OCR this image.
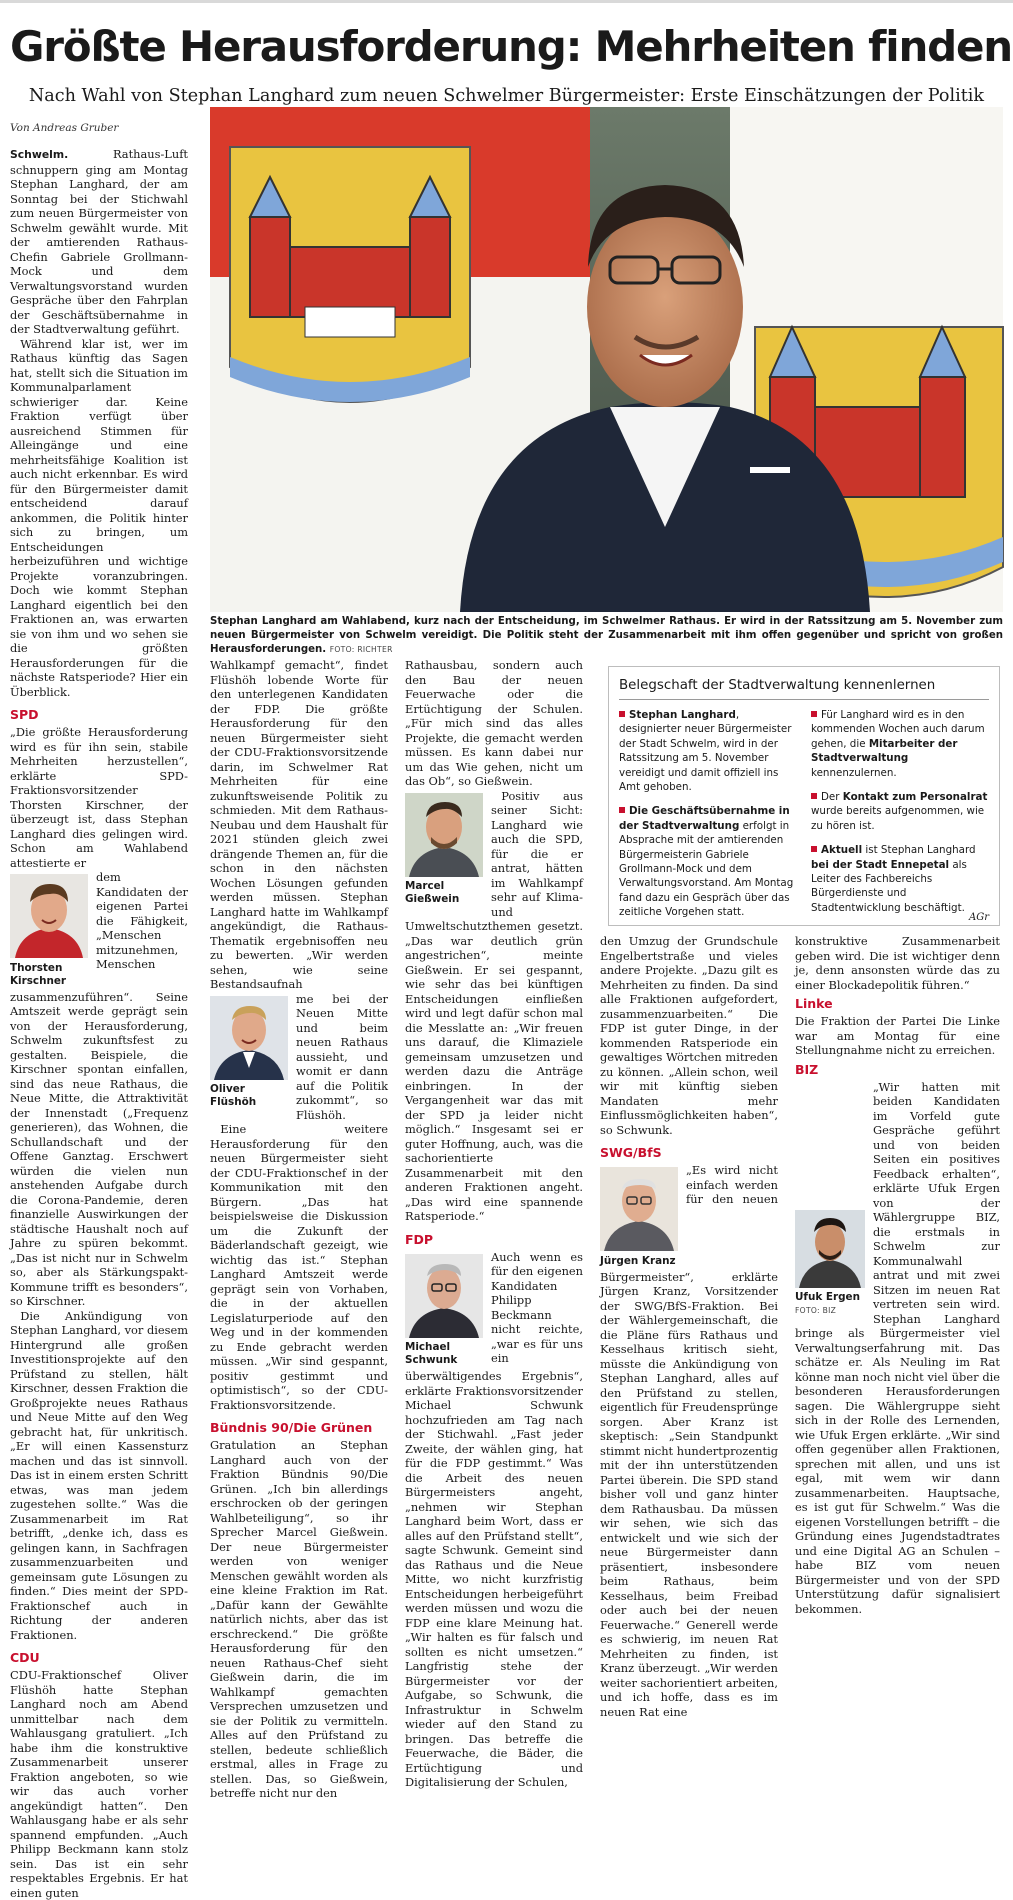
Größte Herausforderung: Mehrheiten finden
Nach Wahl von Stephan Langhard zum neuen Schwelmer Bürgermeister: Erste Einschätzungen der Politik
Von Andreas Gruber
Stephan Langhard am Wahlabend, kurz nach der Entscheidung, im Schwelmer Rathaus. Er wird in der Ratssitzung am 5. November zum neuen Bürgermeister von Schwelm vereidigt. Die Politik steht der Zusammenarbeit mit ihm offen gegenüber und spricht von großen Herausforderungen. FOTO: RICHTER

Schwelm.	Rathaus-Luft schnuppern ging am Montag Stephan Langhard, der am Sonntag bei der Stichwahl zum neuen Bürgermeister von Schwelm gewählt wurde. Mit der amtierenden Rathaus-Chefin Gabriele Grollmann-Mock und dem Verwaltungsvorstand wurden Gespräche über den Fahrplan der Geschäftsübernahme in der Stadtverwaltung geführt.

Während klar ist, wer im Rathaus künftig das Sagen hat, stellt sich die Situation im Kommunalparlament schwieriger dar. Keine Fraktion verfügt über ausreichend Stimmen für Alleingänge und eine mehrheitsfähige Koalition ist auch nicht erkennbar. Es wird für den Bürgermeister damit entscheidend darauf ankommen, die Politik hinter sich zu bringen, um Entscheidungen herbeizuführen und wichtige Projekte voranzubringen. Doch wie kommt Stephan Langhard eigentlich bei den Fraktionen an, was erwarten sie von ihm und wo sehen sie die größten Herausforderungen für die nächste Ratsperiode? Hier ein Überblick.

SPD

„Die größte Herausforderung wird es für ihn sein, stabile Mehrheiten herzustellen“, erklärte SPD-Fraktionsvorsitzender Thorsten Kirschner, der überzeugt ist, dass Stephan Langhard dies gelingen wird. Schon am Wahlabend attestierte er

Thorsten Kirschner

dem Kandidaten der eigenen Partei die Fähigkeit, „Menschen mitzunehmen, Menschen zusammenzuführen“. Seine Amtszeit werde geprägt sein von der Herausforderung, Schwelm zukunftsfest zu gestalten. Beispiele, die Kirschner spontan einfallen, sind das neue Rathaus, die Neue Mitte, die Attraktivität der Innenstadt („Frequenz generieren), das Wohnen, die Schullandschaft und der Offene Ganztag. Erschwert würden die vielen nun anstehenden Aufgabe durch die Corona-Pandemie, deren finanzielle Auswirkungen der städtische Haushalt noch auf Jahre zu spüren bekommt. „Das ist nicht nur in Schwelm so, aber als Stärkungspakt-Kommune trifft es besonders“, so Kirschner.

Die Ankündigung von Stephan Langhard, vor diesem Hintergrund alle großen Investitionsprojekte auf den Prüfstand zu stellen, hält Kirschner, dessen Fraktion die Großprojekte neues Rathaus und Neue Mitte auf den Weg gebracht hat, für unkritisch. „Er will einen Kassensturz machen und das ist sinnvoll. Das ist in einem ersten Schritt etwas, was man jedem zugestehen sollte.“ Was die Zusammenarbeit im Rat betrifft, „denke ich, dass es gelingen kann, in Sachfragen zusammenzuarbeiten und gemeinsam gute Lösungen zu finden.“ Dies meint der SPD-Fraktionschef auch in Richtung der anderen Fraktionen.

CDU

CDU-Fraktionschef Oliver Flüshöh hatte Stephan Langhard noch am Abend unmittelbar nach dem Wahlausgang gratuliert. „Ich habe ihm die konstruktive Zusammenarbeit unserer Fraktion angeboten, so wie wir das auch vorher angekündigt hatten“. Den Wahlausgang habe er als sehr spannend empfunden. „Auch Philipp Beckmann kann stolz sein. Das ist ein sehr respektables Ergebnis. Er hat einen guten

Wahlkampf gemacht“, findet Flüshöh lobende Worte für den unterlegenen Kandidaten der FDP. Die größte Herausforderung für den neuen Bürgermeister sieht der CDU-Fraktionsvorsitzende darin, im Schwelmer Rat Mehrheiten für eine zukunftsweisende Politik zu schmieden. Mit dem Rathaus-Neubau und dem Haushalt für 2021 stünden gleich zwei drängende Themen an, für die schon in den nächsten Wochen Lösungen gefunden werden müssen. Stephan Langhard hatte im Wahlkampf angekündigt, die Rathaus-Thematik ergebnisoffen neu zu bewerten. „Wir werden sehen, wie seine Bestandsaufnah

Oliver Flüshöh

me bei der Neuen Mitte und beim neuen Rathaus aussieht, und womit er dann auf die Politik zukommt“, so Flüshöh.

Eine weitere Herausforderung für den neuen Bürgermeister sieht der CDU-Fraktionschef in der Kommunikation mit den Bürgern. „Das hat beispielsweise die Diskussion um die Zukunft der Bäderlandschaft gezeigt, wie wichtig das ist.“ Stephan Langhard Amtszeit werde geprägt sein von Vorhaben, die in der aktuellen Legislaturperiode auf den Weg und in der kommenden zu Ende gebracht werden müssen. „Wir sind gespannt, positiv gestimmt und optimistisch“, so der CDU-Fraktionsvorsitzende.

Bündnis 90/Die Grünen

Gratulation an Stephan Langhard auch von der Fraktion Bündnis 90/Die Grünen. „Ich bin allerdings erschrocken ob der geringen Wahlbeteiligung“, so ihr Sprecher Marcel Gießwein. Der neue Bürgermeister werden von weniger Menschen gewählt worden als eine kleine Fraktion im Rat. „Dafür kann der Gewählte natürlich nichts, aber das ist erschreckend.“ Die größte Herausforderung für den neuen Rathaus-Chef sieht Gießwein darin, die im Wahlkampf gemachten Versprechen umzusetzen und sie der Politik zu vermitteln. Alles auf den Prüfstand zu stellen, bedeute schließlich erstmal, alles in Frage zu stellen. Das, so Gießwein, betreffe nicht nur den

Rathausbau, sondern auch den Bau der neuen Feuerwache oder die Ertüchtigung der Schulen. „Für mich sind das alles Projekte, die gemacht werden müssen. Es kann dabei nur um das Wie gehen, nicht um das Ob“, so Gießwein.

Marcel Gießwein

Positiv aus seiner Sicht: Langhard wie auch die SPD, für die er antrat, hätten im Wahlkampf sehr auf Klima- und Umweltschutzthemen gesetzt. „Das war deutlich grün angestrichen“, meinte Gießwein. Er sei gespannt, wie sehr das bei künftigen Entscheidungen einfließen wird und legt dafür schon mal die Messlatte an: „Wir freuen uns darauf, die Klimaziele gemeinsam umzusetzen und werden dazu die Anträge einbringen. In der Vergangenheit war das mit der SPD ja leider nicht möglich.“ Insgesamt sei er guter Hoffnung, auch, was die sachorientierte Zusammenarbeit mit den anderen Fraktionen angeht. „Das wird eine spannende Ratsperiode.“

FDP

Michael Schwunk
Auch wenn es für den eigenen Kandidaten Philipp Beckmann nicht reichte, „war es für uns ein überwältigendes Ergebnis“, erklärte Fraktionsvorsitzender Michael Schwunk hochzufrieden am Tag nach der Stichwahl. „Fast jeder Zweite, der wählen ging, hat für die FDP gestimmt.“ Was die Arbeit des neuen Bürgermeisters angeht, „nehmen wir Stephan Langhard beim Wort, dass er alles auf den Prüfstand stellt“, sagte Schwunk. Gemeint sind das Rathaus und die Neue Mitte, wo nicht kurzfristig Entscheidungen herbeigeführt werden müssen und wozu die FDP eine klare Meinung hat. „Wir halten es für falsch und sollten es nicht umsetzen.“ Langfristig stehe der Bürgermeister vor der Aufgabe, so Schwunk, die Infrastruktur in Schwelm wieder auf den Stand zu bringen. Das betreffe die Feuerwache, die Bäder, die Ertüchtigung und Digitalisierung der Schulen,

Belegschaft der Stadtverwaltung kennenlernen

Stephan Langhard, designierter neuer Bürgermeister der Stadt Schwelm, wird in der Ratssitzung am 5. November vereidigt und damit offiziell ins Amt gehoben.

Die Geschäftsübernahme in der Stadtverwaltung erfolgt in Absprache mit der amtierenden Bürgermeisterin Gabriele Grollmann-Mock und dem Verwaltungsvorstand. Am Montag fand dazu ein Gespräch über das zeitliche Vorgehen statt.

Für Langhard wird es in den kommenden Wochen auch darum gehen, die Mitarbeiter der Stadtverwaltung kennenzulernen.

Der Kontakt zum Personalrat wurde bereits aufgenommen, wie zu hören ist.

Aktuell ist Stephan Langhard bei der Stadt Ennepetal als Leiter des Fachbereichs Bürgerdienste und Stadtentwicklung beschäftigt.

AGr

den Umzug der Grundschule Engelbertstraße und vieles andere Projekte. „Dazu gilt es Mehrheiten zu finden. Da sind alle Fraktionen aufgefordert, zusammenzuarbeiten.“ Die FDP ist guter Dinge, in der kommenden Ratsperiode ein gewaltiges Wörtchen mitreden zu können. „Allein schon, weil wir mit künftig sieben Mandaten mehr Einflussmöglichkeiten haben“, so Schwunk.

SWG/BfS

Jürgen Kranz
„Es wird nicht einfach werden für den neuen Bürgermeister“, erklärte Jürgen Kranz, Vorsitzender der SWG/BfS-Fraktion. Bei der Wählergemeinschaft, die die Pläne fürs Rathaus und Kesselhaus kritisch sieht, müsste die Ankündigung von Stephan Langhard, alles auf den Prüfstand zu stellen, eigentlich für Freudensprünge sorgen. Aber Kranz ist skeptisch: „Sein Standpunkt stimmt nicht hundertprozentig mit der ihn unterstützenden Partei überein. Die SPD stand bisher voll und ganz hinter dem Rathausbau. Da müssen wir sehen, wie sich das entwickelt und wie sich der neue Bürgermeister dann präsentiert, insbesondere beim Rathaus, beim Kesselhaus, beim Freibad oder auch bei der neuen Feuerwache.“ Generell werde es schwierig, im neuen Rat Mehrheiten zu finden, ist Kranz überzeugt. „Wir werden weiter sachorientiert arbeiten, und ich hoffe, dass es im neuen Rat eine

konstruktive Zusammenarbeit geben wird. Die ist wichtiger denn je, denn ansonsten würde das zu einer Blockadepolitik führen.“

Linke

Die Fraktion der Partei Die Linke war am Montag für eine Stellungnahme nicht zu erreichen.

BIZ

Ufuk Ergen
FOTO: BIZ
„Wir hatten mit beiden Kandidaten im Vorfeld gute Gespräche geführt und von beiden Seiten ein positives Feedback erhalten“, erklärte Ufuk Ergen von der Wählergruppe BIZ, die erstmals in Schwelm zur Kommunalwahl antrat und mit zwei Sitzen im neuen Rat vertreten sein wird. Stephan Langhard bringe als Bürgermeister viel Verwaltungserfahrung mit. Das schätze er. Als Neuling im Rat könne man noch nicht viel über die besonderen Herausforderungen sagen. Die Wählergruppe sieht sich in der Rolle des Lernenden, wie Ufuk Ergen erklärte. „Wir sind offen gegenüber allen Fraktionen, sprechen mit allen, und uns ist egal, mit wem wir dann zusammenarbeiten. Hauptsache, es ist gut für Schwelm.“ Was die eigenen Vorstellungen betrifft – die Gründung eines Jugendstadtrates und eine Digital AG an Schulen – habe BIZ vom neuen Bürgermeister und von der SPD Unterstützung dafür signalisiert bekommen.
